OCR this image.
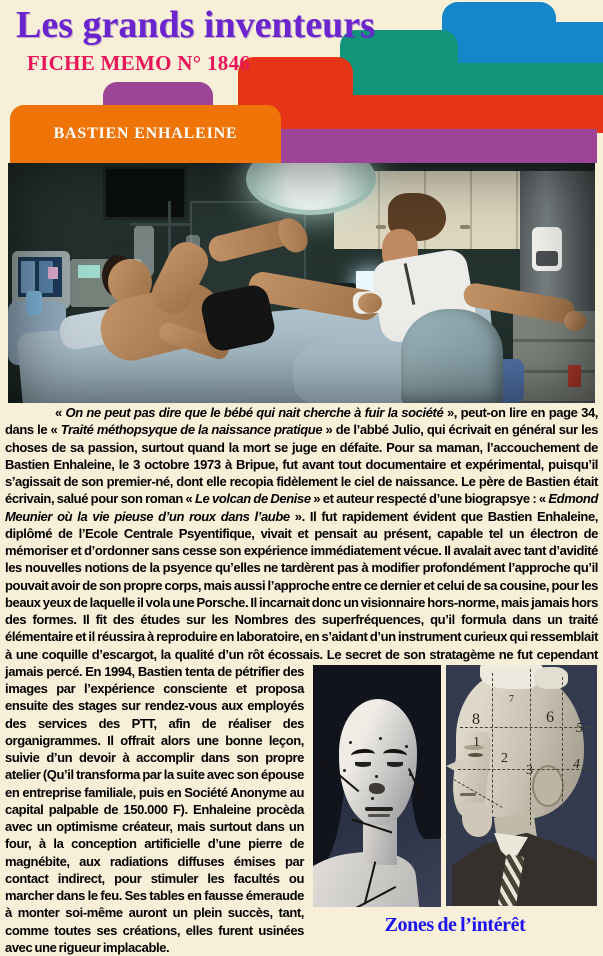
Les grands inventeurs
FICHE MEMO N° 1846
BASTIEN ENHALEINE
« On ne peut pas dire que le bébé qui nait cherche à fuir la société », peut-on lire en page 34, dans le « Traité méthopsyque de la naissance pratique » de l’abbé Julio, qui écrivait en général sur les choses de sa passion, surtout quand la mort se juge en défaite. Pour sa maman, l’accouchement de Bastien Enhaleine, le 3 octobre 1973 à Bripue, fut avant tout documentaire et expérimental, puisqu’il s’agissait de son premier-né, dont elle recopia fidèlement le ciel de naissance. Le père de Bastien était écrivain, salué pour son roman « Le volcan de Denise » et auteur respecté d’une biograpsye : « Edmond Meunier où la vie pieuse d’un roux dans l’aube ». Il fut rapidement évident que Bastien Enhaleine, diplômé de l’Ecole Centrale Psyentifique, vivait et pensait au présent, capable tel un électron de mémoriser et d’ordonner sans cesse son expérience immédiatement vécue. Il avalait avec tant d’avidité les nouvelles notions de la psyence qu’elles ne tardèrent pas à modifier profondément l’approche qu’il pouvait avoir de son propre corps, mais aussi l’approche entre ce dernier et celui de sa cousine, pour les beaux yeux de laquelle il vola une Porsche. Il incarnait donc un visionnaire hors-norme, mais jamais hors des formes. Il fit des études sur les Nombres des superfréquences, qu’il formula dans un traité élémentaire et il réussira à reproduire en laboratoire, en s’aidant d’un instrument curieux qui ressemblait à une coquille d’escargot, la qualité d’un rôt écossais. Le secret de son stratagème
8
7
6
5
1
2
3	4
Zones de l’intérêt
ne fut cependant jamais percé. En 1994, Bastien tenta de pétrifier des images par l’expérience consciente et proposa ensuite des stages sur rendez-vous aux employés des services des PTT, afin de réaliser des organigrammes. Il offrait alors une bonne leçon, suivie d’un devoir à accomplir dans son propre atelier (Qu’il transforma par la suite avec son épouse en entreprise familiale, puis en Société Anonyme au capital palpable de 150.000 F). Enhaleine procèda avec un optimisme créateur, mais surtout dans un four, à la conception artificielle d’une pierre de magnébite, aux radiations diffuses émises par contact indirect, pour stimuler les facultés ou marcher dans le feu. Ses tables en fausse émeraude à monter soi-même auront un plein succès, tant, comme toutes ses créations, elles furent usinées avec une rigueur implacable.
